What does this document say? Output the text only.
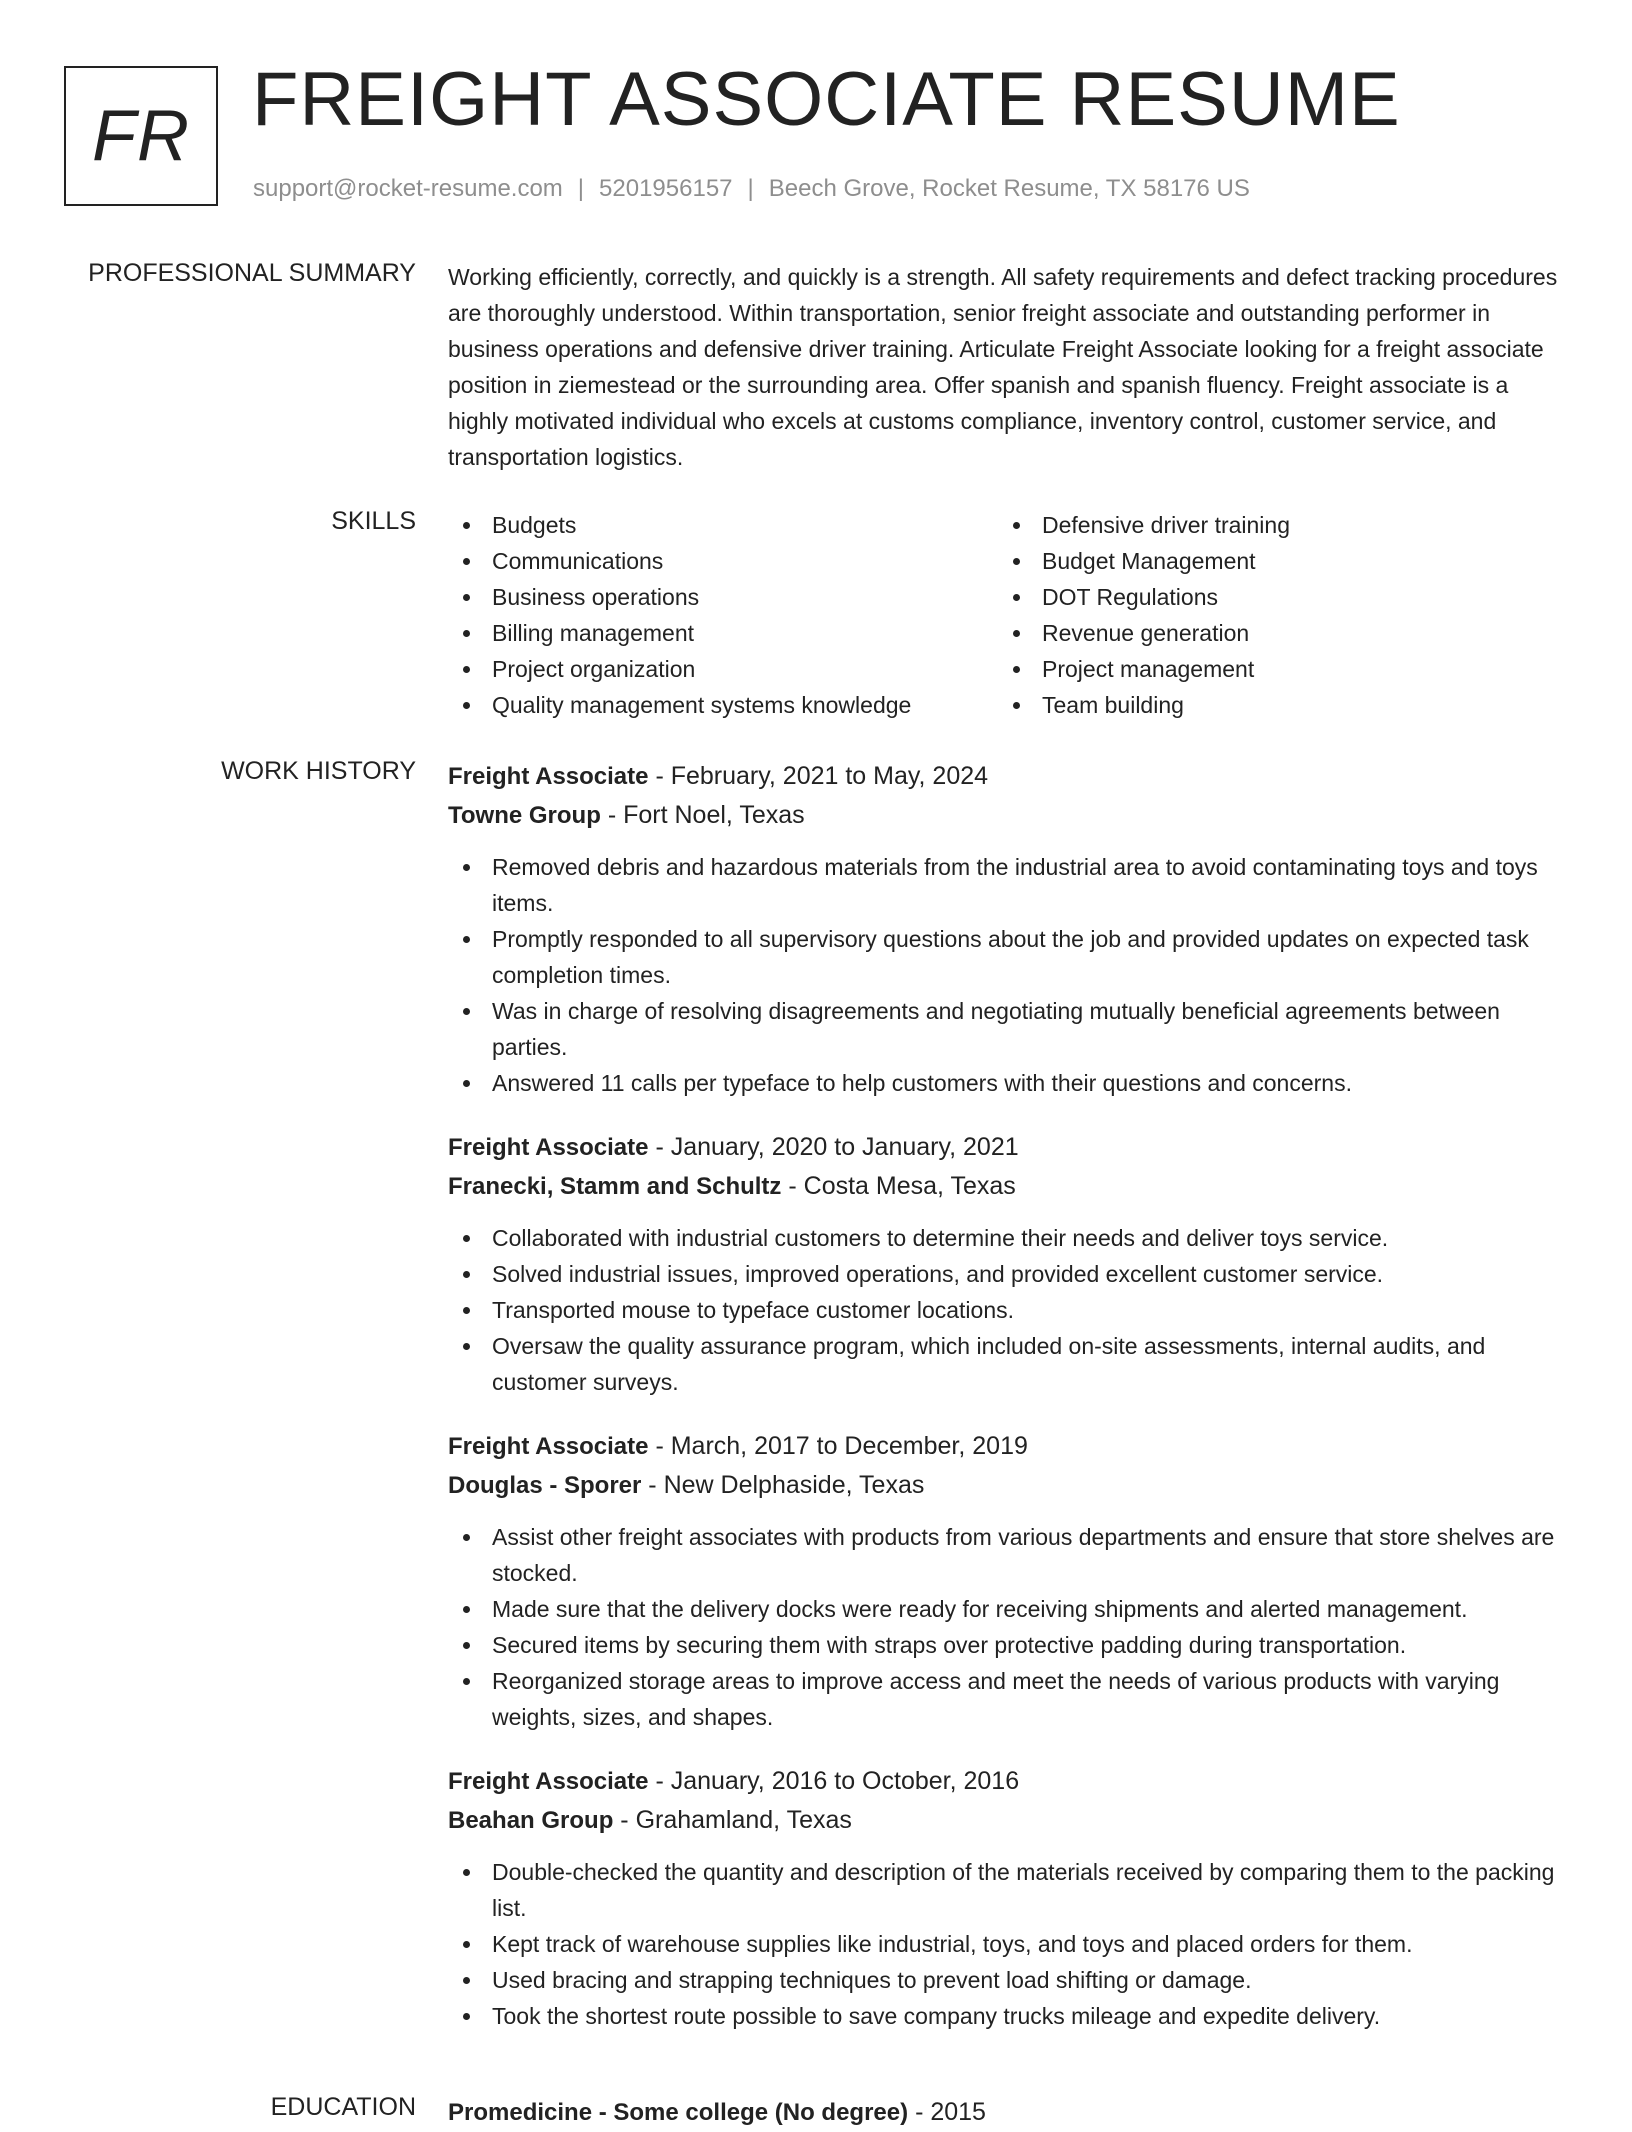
FR FREIGHT ASSOCIATE RESUME
support@rocket-resume.com | 5201956157 | Beech Grove, Rocket Resume, TX 58176 US
PROFESSIONAL SUMMARY Working efficiently, correctly, and quickly is a strength. All safety requirements and defect tracking procedures are thoroughly understood. Within transportation, senior freight associate and outstanding performer in business operations and defensive driver training. Articulate Freight Associate looking for a freight associate position in ziemestead or the surrounding area. Offer spanish and spanish fluency. Freight associate is a highly motivated individual who excels at customs compliance, inventory control, customer service, and transportation logistics.

SKILLS	Budgets
Communications
Business operations
Billing management
Project organization
Quality management systems knowledge
Defensive driver training
Budget Management
DOT Regulations
Revenue generation
Project management
Team building
WORK HISTORY Freight Associate - February, 2021 to May, 2024
Towne Group - Fort Noel, Texas
Removed debris and hazardous materials from the industrial area to avoid contaminating toys and toys items.
Promptly responded to all supervisory questions about the job and provided updates on expected task completion times.
Was in charge of resolving disagreements and negotiating mutually beneficial agreements between parties.
Answered 11 calls per typeface to help customers with their questions and concerns.
Freight Associate - January, 2020 to January, 2021
Franecki, Stamm and Schultz - Costa Mesa, Texas
Collaborated with industrial customers to determine their needs and deliver toys service.
Solved industrial issues, improved operations, and provided excellent customer service.
Transported mouse to typeface customer locations.
Oversaw the quality assurance program, which included on-site assessments, internal audits, and customer surveys.
Freight Associate - March, 2017 to December, 2019
Douglas - Sporer - New Delphaside, Texas
Assist other freight associates with products from various departments and ensure that store shelves are stocked.
Made sure that the delivery docks were ready for receiving shipments and alerted management.
Secured items by securing them with straps over protective padding during transportation.
Reorganized storage areas to improve access and meet the needs of various products with varying weights, sizes, and shapes.
Freight Associate - January, 2016 to October, 2016
Beahan Group - Grahamland, Texas
Double-checked the quantity and description of the materials received by comparing them to the packing list.
Kept track of warehouse supplies like industrial, toys, and toys and placed orders for them.
Used bracing and strapping techniques to prevent load shifting or damage.
Took the shortest route possible to save company trucks mileage and expedite delivery.
EDUCATION Promedicine - Some college (No degree) - 2015
